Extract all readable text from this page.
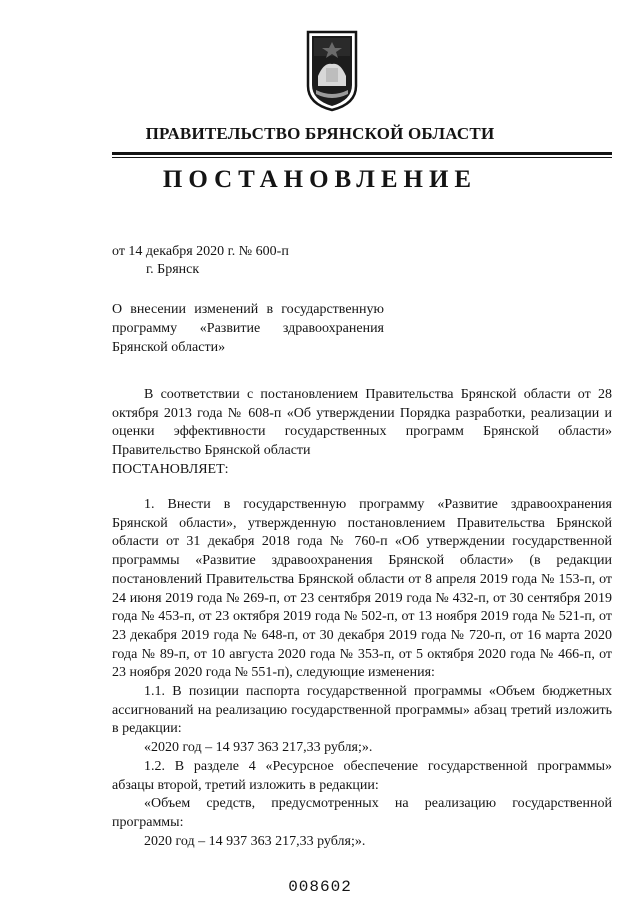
ПРАВИТЕЛЬСТВО БРЯНСКОЙ ОБЛАСТИ
ПОСТАНОВЛЕНИЕ
от 14 декабря 2020 г. № 600-п
г. Брянск
О внесении изменений в государственную
программу «Развитие здравоохранения
Брянской области»

В соответствии с постановлением Правительства Брянской области от 28 октября 2013 года № 608-п «Об утверждении Порядка разработки, реализации и оценки эффективности государственных программ Брянской области» Правительство Брянской области

ПОСТАНОВЛЯЕТ:

1. Внести в государственную программу «Развитие здравоохранения Брянской области», утвержденную постановлением Правительства Брянской области от 31 декабря 2018 года № 760-п «Об утверждении государственной программы «Развитие здравоохранения Брянской области» (в редакции постановлений Правительства Брянской области от 8 апреля 2019 года № 153-п, от 24 июня 2019 года № 269-п, от 23 сентября 2019 года № 432-п, от 30 сентября 2019 года № 453-п, от 23 октября 2019 года № 502-п, от 13 ноября 2019 года № 521-п, от 23 декабря 2019 года № 648-п, от 30 декабря 2019 года № 720-п, от 16 марта 2020 года № 89-п, от 10 августа 2020 года № 353-п, от 5 октября 2020 года № 466-п, от 23 ноября 2020 года № 551-п), следующие изменения:

1.1. В позиции паспорта государственной программы «Объем бюджетных ассигнований на реализацию государственной программы» абзац третий изложить в редакции:

«2020 год – 14 937 363 217,33 рубля;».

1.2. В разделе 4 «Ресурсное обеспечение государственной программы» абзацы второй, третий изложить в редакции:

«Объем средств, предусмотренных на реализацию государственной программы:

2020 год – 14 937 363 217,33 рубля;».

008602
